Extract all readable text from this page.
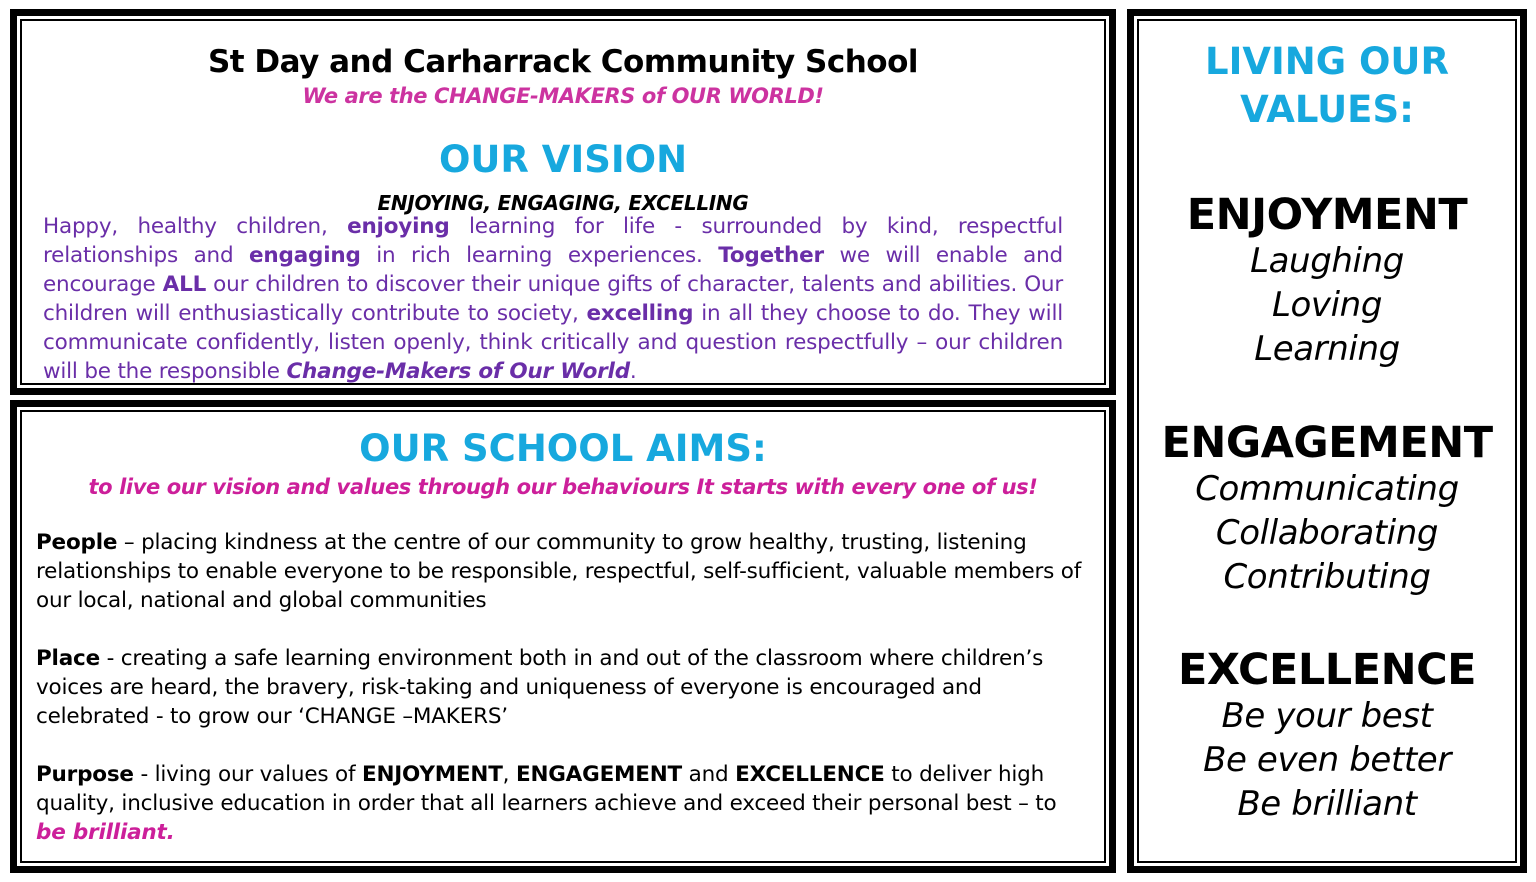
St Day and Carharrack Community School
We are the CHANGE-MAKERS of OUR WORLD!
OUR VISION
ENJOYING, ENGAGING, EXCELLING
Happy, healthy children, enjoying learning for life - surrounded by kind, respectful relationships and engaging in rich learning experiences. Together we will enable and encourage ALL our children to discover their unique gifts of character, talents and abilities. Our children will enthusiastically contribute to society, excelling in all they choose to do. They will communicate confidently, listen openly, think critically and question respectfully – our children will be the responsible Change-Makers of Our World.
OUR SCHOOL AIMS:
to live our vision and values through our behaviours It starts with every one of us!
People – placing kindness at the centre of our community to grow healthy, trusting, listening relationships to enable everyone to be responsible, respectful, self-sufficient, valuable members of our local, national and global communities
Place - creating a safe learning environment both in and out of the classroom where children’s voices are heard, the bravery, risk-taking and uniqueness of everyone is encouraged and celebrated - to grow our ‘CHANGE –MAKERS’
Purpose - living our values of ENJOYMENT, ENGAGEMENT and EXCELLENCE to deliver high quality, inclusive education in order that all learners achieve and exceed their personal best – to be brilliant.
LIVING OUR
VALUES:
ENJOYMENT
Laughing
Loving
Learning
ENGAGEMENT
Communicating
Collaborating
Contributing
EXCELLENCE
Be your best
Be even better
Be brilliant
